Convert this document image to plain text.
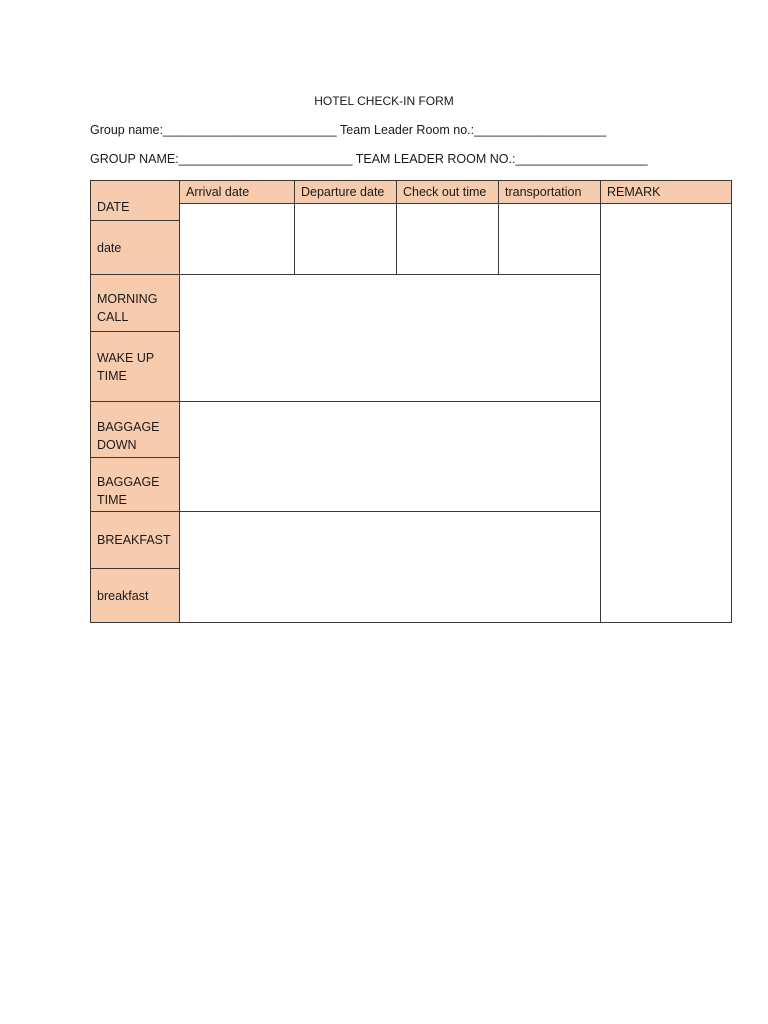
HOTEL CHECK-IN FORM
Group name:_________________________ Team Leader Room no.:___________________
GROUP NAME:_________________________ TEAM LEADER ROOM NO.:___________________
Arrival date	Departure date Check out time transportation REMARK
DATE
date
MORNING CALL
WAKE UP TIME
BAGGAGE DOWN
BAGGAGE TIME
BREAKFAST
breakfast
